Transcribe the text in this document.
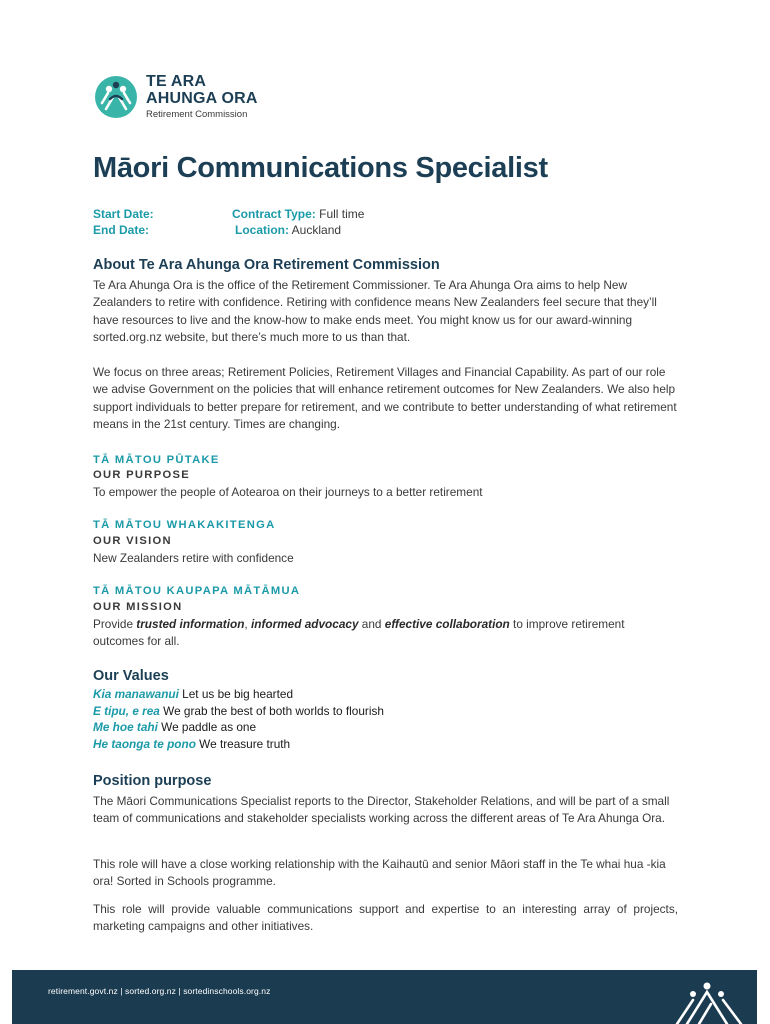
TE ARA
AHUNGA ORA
Retirement Commission
Māori Communications Specialist
Start Date:
End Date:
Contract Type: Full time
Location: Auckland
About Te Ara Ahunga Ora Retirement Commission

Te Ara Ahunga Ora is the office of the Retirement Commissioner. Te Ara Ahunga Ora aims to help New Zealanders to retire with confidence. Retiring with confidence means New Zealanders feel secure that they’ll have resources to live and the know-how to make ends meet. You might know us for our award-winning sorted.org.nz website, but there’s much more to us than that.

We focus on three areas; Retirement Policies, Retirement Villages and Financial Capability. As part of our role we advise Government on the policies that will enhance retirement outcomes for New Zealanders. We also help support individuals to better prepare for retirement, and we contribute to better understanding of what retirement means in the 21st century. Times are changing.

TĀ MĀTOU PŪTAKE

OUR PURPOSE

To empower the people of Aotearoa on their journeys to a better retirement

TĀ MĀTOU WHAKAKITENGA

OUR VISION

New Zealanders retire with confidence

TĀ MĀTOU KAUPAPA MĀTĀMUA

OUR MISSION

Provide trusted information, informed advocacy and effective collaboration to improve retirement outcomes for all.

Our Values

Kia manawanui Let us be big hearted

E tipu, e rea We grab the best of both worlds to flourish

Me hoe tahi We paddle as one

He taonga te pono We treasure truth

Position purpose

The Māori Communications Specialist reports to the Director, Stakeholder Relations, and will be part of a small team of communications and stakeholder specialists working across the different areas of Te Ara Ahunga Ora.

This role will have a close working relationship with the Kaihautū and senior Māori staff in the Te whai hua -kia ora! Sorted in Schools programme.

This role will provide valuable communications support and expertise to an interesting array of projects, marketing campaigns and other initiatives.

retirement.govt.nz | sorted.org.nz | sortedinschools.org.nz
